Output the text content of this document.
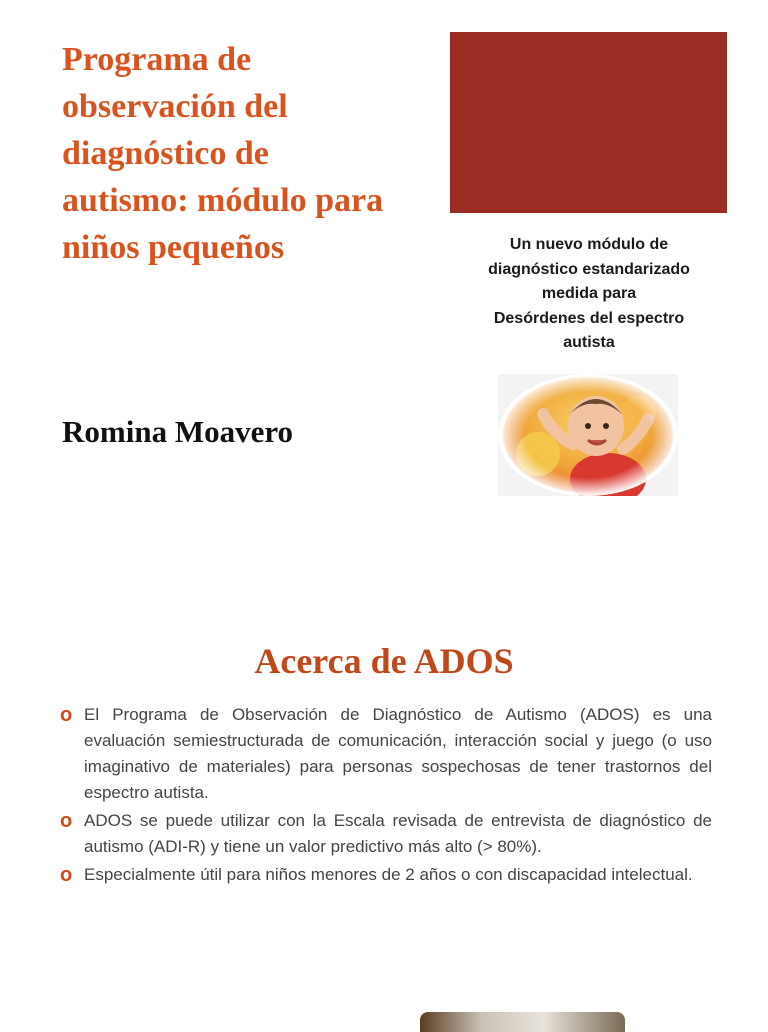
Programa de observación del diagnóstico de autismo: módulo para niños pequeños	Un nuevo módulo de
diagnóstico estandarizado
medida para
Desórdenes del espectro
autista
Romina Moavero
Acerca de ADOS
o El Programa de Observación de Diagnóstico de Autismo (ADOS) es una evaluación semiestructurada de comunicación, interacción social y juego (o uso imaginativo de materiales) para personas sospechosas de tener trastornos del espectro autista.
o ADOS se puede utilizar con la Escala revisada de entrevista de diagnóstico de autismo (ADI-R) y tiene un valor predictivo más alto (> 80%).
o Especialmente útil para niños menores de 2 años o con discapacidad intelectual.
